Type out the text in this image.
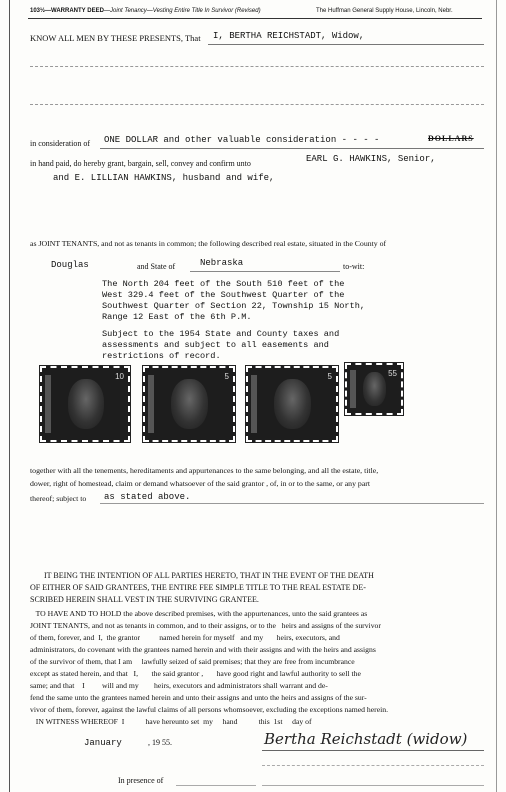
103½—WARRANTY DEED —Joint Tenancy—Vesting Entire Title In Survivor (Revised)	The Huffman General Supply House, Lincoln, Nebr.
KNOW ALL MEN BY THESE PRESENTS, That I, BERTHA REICHSTADT, Widow,
in consideration of ONE DOLLAR and other valuable consideration - - - -	DOLLARS
in hand paid, do hereby grant, bargain, sell, convey and confirm unto	EARL G. HAWKINS, Senior,
and E. LILLIAN HAWKINS, husband and wife,
as JOINT TENANTS, and not as tenants in common; the following described real estate, situated in the County of
Douglas	and State of	Nebraska	to-wit:
The North 204 feet of the South 510 feet of the
West 329.4 feet of the Southwest Quarter of the
Southwest Quarter of Section 22, Township 15 North,
Range 12 East of the 6th P.M.
Subject to the 1954 State and County taxes and
assessments and subject to all easements and
restrictions of record.
10	5	5	55
together with all the tenements, hereditaments and appurtenances to the same belonging, and all the estate, title,
dower, right of homestead, claim or demand whatsoever of the said grantor , of, in or to the same, or any part
thereof; subject to as stated above.
IT BEING THE INTENTION OF ALL PARTIES HERETO, THAT IN THE EVENT OF THE DEATH
OF EITHER OF SAID GRANTEES, THE ENTIRE FEE SIMPLE TITLE TO THE REAL ESTATE DE-
SCRIBED HEREIN SHALL VEST IN THE SURVIVING GRANTEE.
TO HAVE AND TO HOLD the above described premises, with the appurtenances, unto the said grantees as
JOINT TENANTS, and not as tenants in common, and to their assigns, or to the   heirs and assigns of the survivor
of them, forever, and  I,  the grantor          named herein for myself   and my       heirs, executors, and
administrators, do covenant with the grantees named herein and with their assigns and with the heirs and assigns
of the survivor of them, that I am     lawfully seized of said premises; that they are free from incumbrance
except as stated herein, and that   I,       the said grantor ,       have good right and lawful authority to sell the
same; and that    I         will and my        heirs, executors and administrators shall warrant and de-
fend the same unto the grantees named herein and unto their assigns and unto the heirs and assigns of the sur-
vivor of them, forever, against the lawful claims of all persons whomsoever, excluding the exceptions named herein.
IN WITNESS WHEREOF  I           have hereunto set  my     hand           this  1st     day of
January	, 19 55.	Bertha Reichstadt (widow)
In presence of
